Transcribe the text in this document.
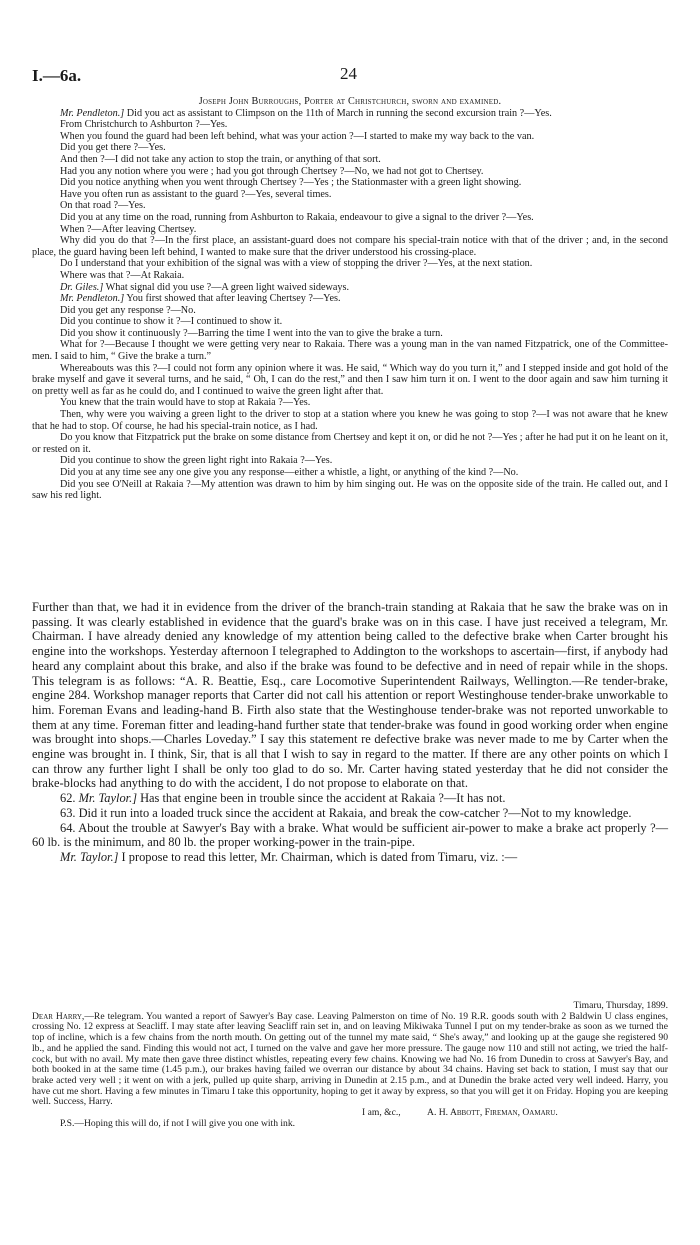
I.—6a.	24

Joseph John Burroughs, Porter at Christchurch, sworn and examined.

Mr. Pendleton.] Did you act as assistant to Climpson on the 11th of March in running the second excursion train ?—Yes.

From Christchurch to Ashburton ?—Yes.

When you found the guard had been left behind, what was your action ?—I started to make my way back to the van.

Did you get there ?—Yes.

And then ?—I did not take any action to stop the train, or anything of that sort.

Had you any notion where you were ; had you got through Chertsey ?—No, we had not got to Chertsey.

Did you notice anything when you went through Chertsey ?—Yes ; the Stationmaster with a green light showing.

Have you often run as assistant to the guard ?—Yes, several times.

On that road ?—Yes.

Did you at any time on the road, running from Ashburton to Rakaia, endeavour to give a signal to the driver ?—Yes.

When ?—After leaving Chertsey.

Why did you do that ?—In the first place, an assistant-guard does not compare his special-train notice with that of the driver ; and, in the second place, the guard having been left behind, I wanted to make sure that the driver understood his crossing-place.

Do I understand that your exhibition of the signal was with a view of stopping the driver ?—Yes, at the next station.

Where was that ?—At Rakaia.

Dr. Giles.] What signal did you use ?—A green light waived sideways.

Mr. Pendleton.] You first showed that after leaving Chertsey ?—Yes.

Did you get any response ?—No.

Did you continue to show it ?—I continued to show it.

Did you show it continuously ?—Barring the time I went into the van to give the brake a turn.

What for ?—Because I thought we were getting very near to Rakaia. There was a young man in the van named Fitzpatrick, one of the Committee-men. I said to him, “ Give the brake a turn.”

Whereabouts was this ?—I could not form any opinion where it was. He said, “ Which way do you turn it,” and I stepped inside and got hold of the brake myself and gave it several turns, and he said, “ Oh, I can do the rest,” and then I saw him turn it on. I went to the door again and saw him turning it on pretty well as far as he could do, and I continued to waive the green light after that.

You knew that the train would have to stop at Rakaia ?—Yes.

Then, why were you waiving a green light to the driver to stop at a station where you knew he was going to stop ?—I was not aware that he knew that he had to stop. Of course, he had his special-train notice, as I had.

Do you know that Fitzpatrick put the brake on some distance from Chertsey and kept it on, or did he not ?—Yes ; after he had put it on he leant on it, or rested on it.

Did you continue to show the green light right into Rakaia ?—Yes.

Did you at any time see any one give you any response—either a whistle, a light, or anything of the kind ?—No.

Did you see O'Neill at Rakaia ?—My attention was drawn to him by him singing out. He was on the opposite side of the train. He called out, and I saw his red light.

Further than that, we had it in evidence from the driver of the branch-train standing at Rakaia that he saw the brake was on in passing. It was clearly established in evidence that the guard's brake was on in this case. I have just received a telegram, Mr. Chairman. I have already denied any knowledge of my attention being called to the defective brake when Carter brought his engine into the workshops. Yesterday afternoon I telegraphed to Addington to the workshops to ascertain—first, if anybody had heard any complaint about this brake, and also if the brake was found to be defective and in need of repair while in the shops. This telegram is as follows: “A. R. Beattie, Esq., care Locomotive Superintendent Railways, Wellington.—Re tender-brake, engine 284. Workshop manager reports that Carter did not call his attention or report Westinghouse tender-brake unworkable to him. Foreman Evans and leading-hand B. Firth also state that the Westinghouse tender-brake was not reported unworkable to them at any time. Foreman fitter and leading-hand further state that tender-brake was found in good working order when engine was brought into shops.—Charles Loveday.” I say this statement re defective brake was never made to me by Carter when the engine was brought in. I think, Sir, that is all that I wish to say in regard to the matter. If there are any other points on which I can throw any further light I shall be only too glad to do so. Mr. Carter having stated yesterday that he did not consider the brake-blocks had anything to do with the accident, I do not propose to elaborate on that.

62. Mr. Taylor.] Has that engine been in trouble since the accident at Rakaia ?—It has not.

63. Did it run into a loaded truck since the accident at Rakaia, and break the cow-catcher ?—Not to my knowledge.

64. About the trouble at Sawyer's Bay with a brake. What would be sufficient air-power to make a brake act properly ?—60 lb. is the minimum, and 80 lb. the proper working-power in the train-pipe.

Mr. Taylor.] I propose to read this letter, Mr. Chairman, which is dated from Timaru, viz. :—

Timaru, Thursday, 1899.

Dear Harry,—Re telegram. You wanted a report of Sawyer's Bay case. Leaving Palmerston on time of No. 19 R.R. goods south with 2 Baldwin U class engines, crossing No. 12 express at Seacliff. I may state after leaving Seacliff rain set in, and on leaving Mikiwaka Tunnel I put on my tender-brake as soon as we turned the top of incline, which is a few chains from the north mouth. On getting out of the tunnel my mate said, “ She's away,” and looking up at the gauge she registered 90 lb., and he applied the sand. Finding this would not act, I turned on the valve and gave her more pressure. The gauge now 110 and still not acting, we tried the half-cock, but with no avail. My mate then gave three distinct whistles, repeating every few chains. Knowing we had No. 16 from Dunedin to cross at Sawyer's Bay, and both booked in at the same time (1.45 p.m.), our brakes having failed we overran our distance by about 34 chains. Having set back to station, I must say that our brake acted very well ; it went on with a jerk, pulled up quite sharp, arriving in Dunedin at 2.15 p.m., and at Dunedin the brake acted very well indeed. Harry, you have cut me short. Having a few minutes in Timaru I take this opportunity, hoping to get it away by express, so that you will get it on Friday. Hoping you are keeping well. Success, Harry.

I am, &c.,	A. H. Abbott, Fireman, Oamaru.

P.S.—Hoping this will do, if not I will give you one with ink.
